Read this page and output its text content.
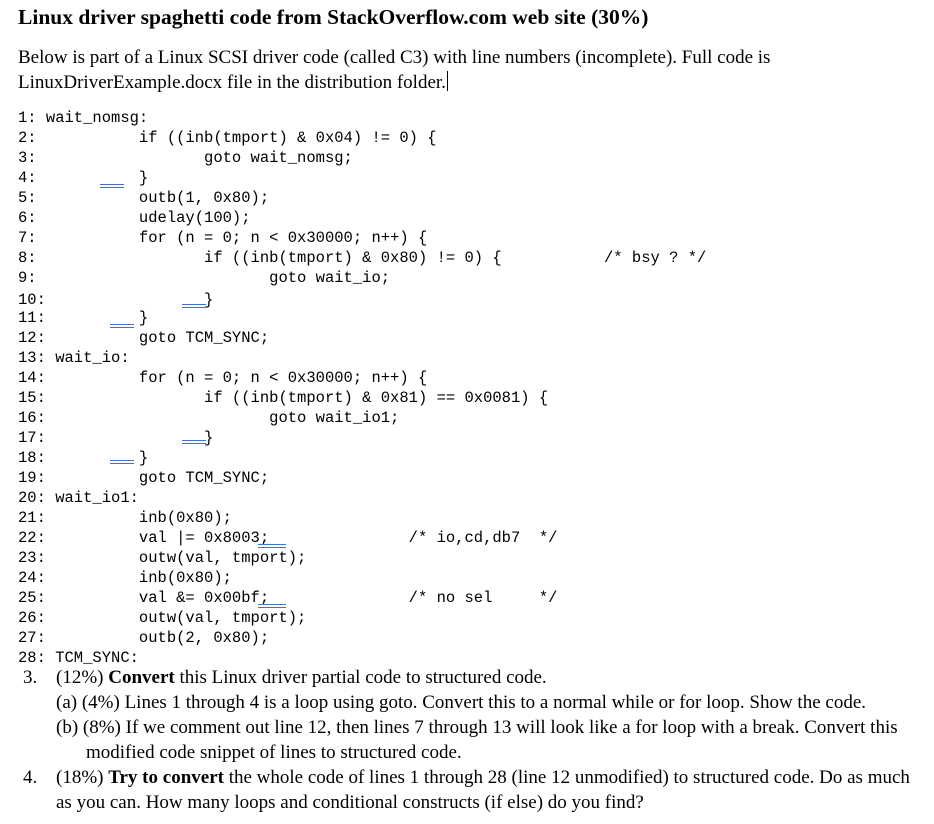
Linux driver spaghetti code from StackOverflow.com web site (30%)
Below is part of a Linux SCSI driver code (called C3) with line numbers (incomplete). Full code is LinuxDriverExample.docx file in the distribution folder.
1: wait_nomsg:
2:           if ((inb(tmport) & 0x04) != 0) {
3:                  goto wait_nomsg;
4:           }
5:           outb(1, 0x80);
6:           udelay(100);
7:           for (n = 0; n < 0x30000; n++) {
8:                  if ((inb(tmport) & 0x80) != 0) {           /* bsy ? */
9:                         goto wait_io;
10:                 }
11:          }
12:          goto TCM_SYNC;
13: wait_io:
14:          for (n = 0; n < 0x30000; n++) {
15:                 if ((inb(tmport) & 0x81) == 0x0081) {
16:                        goto wait_io1;
17:                 }
18:          }
19:          goto TCM_SYNC;
20: wait_io1:
21:          inb(0x80);
22:          val |= 0x8003;               /* io,cd,db7  */
23:          outw(val, tmport);
24:          inb(0x80);
25:          val &= 0x00bf;               /* no sel     */
26:          outw(val, tmport);
27:          outb(2, 0x80);
28: TCM_SYNC:
3. (12%) Convert this Linux driver partial code to structured code.
(a) (4%) Lines 1 through 4 is a loop using goto. Convert this to a normal while or for loop. Show the code.
(b) (8%) If we comment out line 12, then lines 7 through 13 will look like a for loop with a break. Convert this modified code snippet of lines to structured code.
4. (18%) Try to convert the whole code of lines 1 through 28 (line 12 unmodified) to structured code. Do as much as you can. How many loops and conditional constructs (if else) do you find?
